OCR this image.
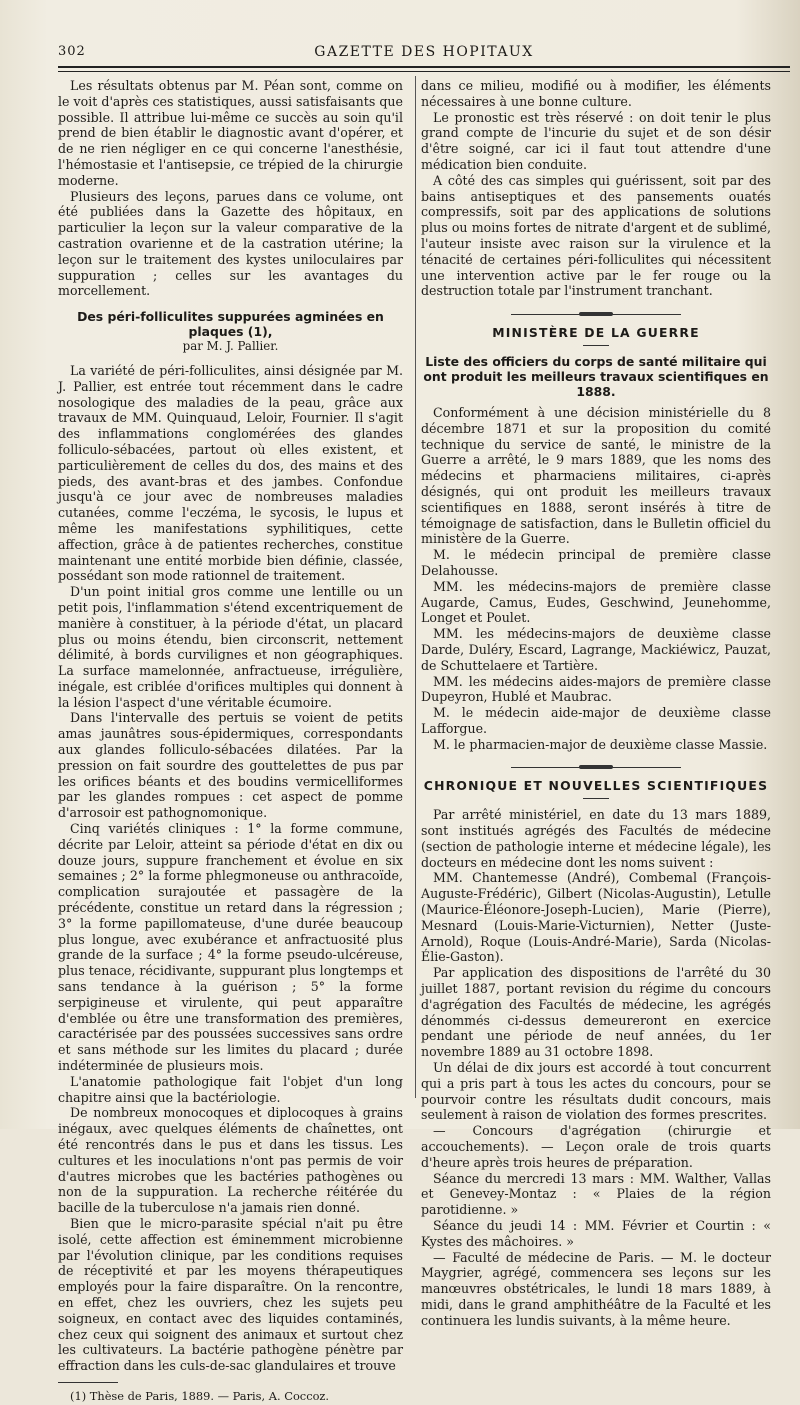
302	GAZETTE DES HOPITAUX

Les résultats obtenus par M. Péan sont, comme on le voit d'après ces statistiques, aussi satisfaisants que possible. Il attribue lui-même ce succès au soin qu'il prend de bien établir le diagnostic avant d'opérer, et de ne rien négliger en ce qui concerne l'anesthésie, l'hémostasie et l'antisepsie, ce trépied de la chirurgie moderne.

Plusieurs des leçons, parues dans ce volume, ont été publiées dans la Gazette des hôpitaux, en particulier la leçon sur la valeur comparative de la castration ovarienne et de la castration utérine; la leçon sur le traitement des kystes uniloculaires par suppuration ; celles sur les avantages du morcellement.

Des péri-folliculites suppurées agminées en plaques (1),
par M. J. Pallier.

La variété de péri-folliculites, ainsi désignée par M. J. Pallier, est entrée tout récemment dans le cadre nosologique des maladies de la peau, grâce aux travaux de MM. Quinquaud, Leloir, Fournier. Il s'agit des inflammations conglomérées des glandes folliculo-sébacées, partout où elles existent, et particulièrement de celles du dos, des mains et des pieds, des avant-bras et des jambes. Confondue jusqu'à ce jour avec de nombreuses maladies cutanées, comme l'eczéma, le sycosis, le lupus et même les manifestations syphilitiques, cette affection, grâce à de patientes recherches, constitue maintenant une entité morbide bien définie, classée, possédant son mode rationnel de traitement.

D'un point initial gros comme une lentille ou un petit pois, l'inflammation s'étend excentriquement de manière à constituer, à la période d'état, un placard plus ou moins étendu, bien circonscrit, nettement délimité, à bords curvilignes et non géographiques. La surface mamelonnée, anfractueuse, irrégulière, inégale, est criblée d'orifices multiples qui donnent à la lésion l'aspect d'une véritable écumoire.

Dans l'intervalle des pertuis se voient de petits amas jaunâtres sous-épidermiques, correspondants aux glandes folliculo-sébacées dilatées. Par la pression on fait sourdre des gouttelettes de pus par les orifices béants et des boudins vermicelliformes par les glandes rompues : cet aspect de pomme d'arrosoir est pathognomonique.

Cinq variétés cliniques : 1° la forme commune, décrite par Leloir, atteint sa période d'état en dix ou douze jours, suppure franchement et évolue en six semaines ; 2° la forme phlegmoneuse ou anthracoïde, complication surajoutée et passagère de la précédente, constitue un retard dans la régression ; 3° la forme papillomateuse, d'une durée beaucoup plus longue, avec exubérance et anfractuosité plus grande de la surface ; 4° la forme pseudo-ulcéreuse, plus tenace, récidivante, suppurant plus longtemps et sans tendance à la guérison ; 5° la forme serpigineuse et virulente, qui peut apparaître d'emblée ou être une transformation des premières, caractérisée par des poussées successives sans ordre et sans méthode sur les limites du placard ; durée indéterminée de plusieurs mois.

L'anatomie pathologique fait l'objet d'un long chapitre ainsi que la bactériologie.

De nombreux monocoques et diplocoques à grains inégaux, avec quelques éléments de chaînettes, ont été rencontrés dans le pus et dans les tissus. Les cultures et les inoculations n'ont pas permis de voir d'autres microbes que les bactéries pathogènes ou non de la suppuration. La recherche réitérée du bacille de la tuberculose n'a jamais rien donné.

Bien que le micro-parasite spécial n'ait pu être isolé, cette affection est éminemment microbienne par l'évolution clinique, par les conditions requises de réceptivité et par les moyens thérapeutiques employés pour la faire disparaître. On la rencontre, en effet, chez les ouvriers, chez les sujets peu soigneux, en contact avec des liquides contaminés, chez ceux qui soignent des animaux et surtout chez les cultivateurs. La bactérie pathogène pénètre par effraction dans les culs-de-sac glandulaires et trouve

(1) Thèse de Paris, 1889. — Paris, A. Coccoz.

dans ce milieu, modifié ou à modifier, les éléments nécessaires à une bonne culture.

Le pronostic est très réservé : on doit tenir le plus grand compte de l'incurie du sujet et de son désir d'être soigné, car ici il faut tout attendre d'une médication bien conduite.

A côté des cas simples qui guérissent, soit par des bains antiseptiques et des pansements ouatés compressifs, soit par des applications de solutions plus ou moins fortes de nitrate d'argent et de sublimé, l'auteur insiste avec raison sur la virulence et la ténacité de certaines péri-folliculites qui nécessitent une intervention active par le fer rouge ou la destruction totale par l'instrument tranchant.

MINISTÈRE DE LA GUERRE
Liste des officiers du corps de santé militaire qui ont produit les meilleurs travaux scientifiques en 1888.

Conformément à une décision ministérielle du 8 décembre 1871 et sur la proposition du comité technique du service de santé, le ministre de la Guerre a arrêté, le 9 mars 1889, que les noms des médecins et pharmaciens militaires, ci-après désignés, qui ont produit les meilleurs travaux scientifiques en 1888, seront insérés à titre de témoignage de satisfaction, dans le Bulletin officiel du ministère de la Guerre.

M. le médecin principal de première classe Delahousse.

MM. les médecins-majors de première classe Augarde, Camus, Eudes, Geschwind, Jeunehomme, Longet et Poulet.

MM. les médecins-majors de deuxième classe Darde, Duléry, Escard, Lagrange, Mackiéwicz, Pauzat, de Schuttelaere et Tartière.

MM. les médecins aides-majors de première classe Dupeyron, Hublé et Maubrac.

M. le médecin aide-major de deuxième classe Lafforgue.

M. le pharmacien-major de deuxième classe Massie.

CHRONIQUE ET NOUVELLES SCIENTIFIQUES

Par arrêté ministériel, en date du 13 mars 1889, sont institués agrégés des Facultés de médecine (section de pathologie interne et médecine légale), les docteurs en médecine dont les noms suivent :

MM. Chantemesse (André), Combemal (François-Auguste-Frédéric), Gilbert (Nicolas-Augustin), Letulle (Maurice-Éléonore-Joseph-Lucien), Marie (Pierre), Mesnard (Louis-Marie-Victurnien), Netter (Juste-Arnold), Roque (Louis-André-Marie), Sarda (Nicolas-Élie-Gaston).

Par application des dispositions de l'arrêté du 30 juillet 1887, portant revision du régime du concours d'agrégation des Facultés de médecine, les agrégés dénommés ci-dessus demeureront en exercice pendant une période de neuf années, du 1er novembre 1889 au 31 octobre 1898.

Un délai de dix jours est accordé à tout concurrent qui a pris part à tous les actes du concours, pour se pourvoir contre les résultats dudit concours, mais seulement à raison de violation des formes prescrites.

— Concours d'agrégation (chirurgie et accouchements). — Leçon orale de trois quarts d'heure après trois heures de préparation.

Séance du mercredi 13 mars : MM. Walther, Vallas et Genevey-Montaz : « Plaies de la région parotidienne. »

Séance du jeudi 14 : MM. Février et Courtin : « Kystes des mâchoires. »

— Faculté de médecine de Paris. — M. le docteur Maygrier, agrégé, commencera ses leçons sur les manœuvres obstétricales, le lundi 18 mars 1889, à midi, dans le grand amphithéâtre de la Faculté et les continuera les lundis suivants, à la même heure.
